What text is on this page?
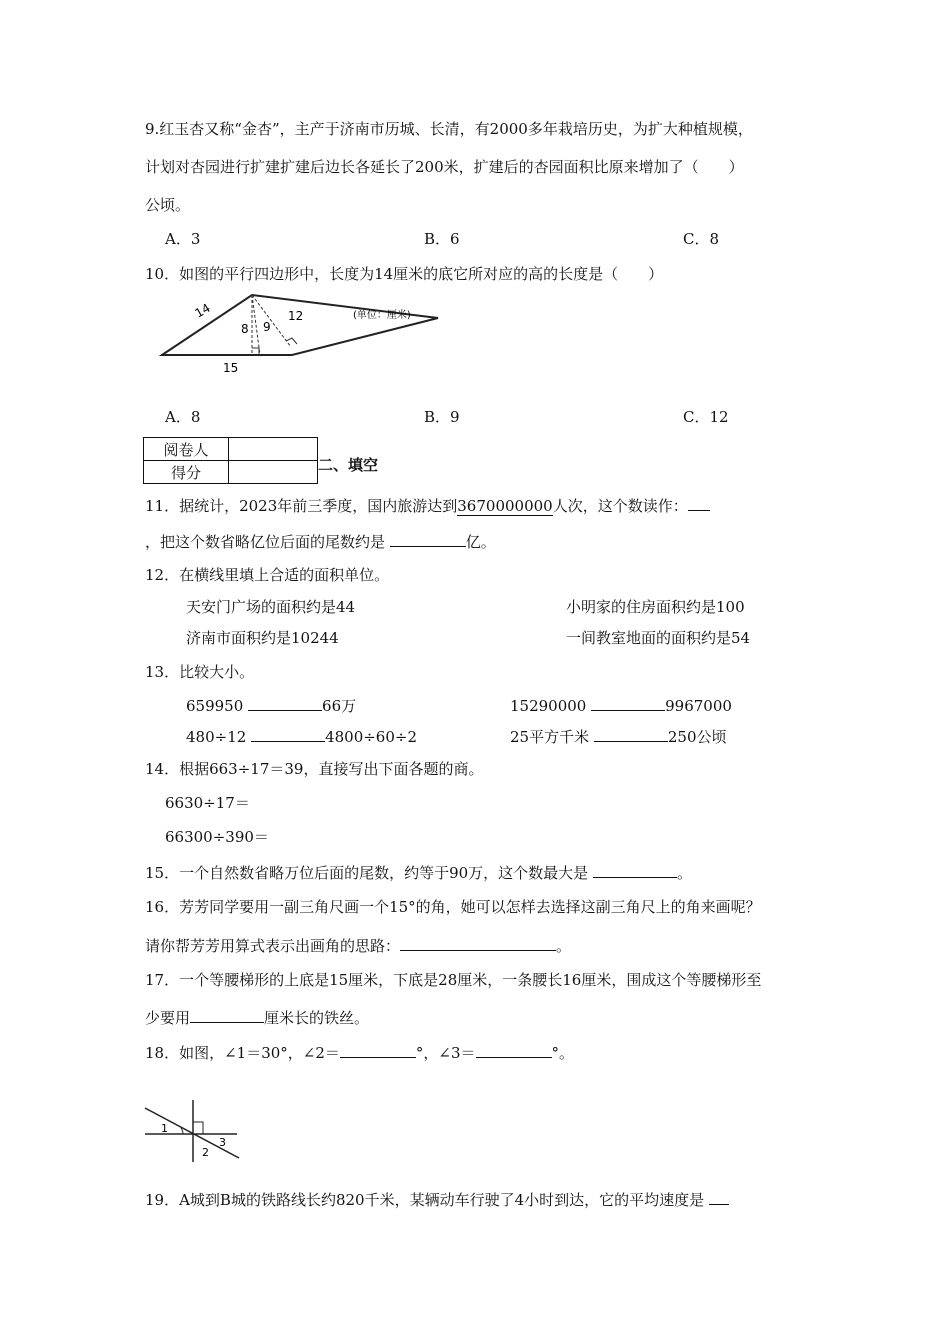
9.红玉杏又称“金杏”，主产于济南市历城、长清，有2000多年栽培历史，为扩大种植规模，
计划对杏园进行扩建扩建后边长各延长了200米，扩建后的杏园面积比原来增加了（　　）
公顷。
A．3	B．6	C．8
10．如图的平行四边形中，长度为14厘米的底它所对应的高的长度是（　　）
14
15
8 9
12	(单位：厘米)
A．8	B．9	C．12
阅卷人	
得分		二、填空
11．据统计，2023年前三季度，国内旅游达到3670000000人次，这个数读作：
，把这个数省略亿位后面的尾数约是	亿。
12．在横线里填上合适的面积单位。
天安门广场的面积约是44	小明家的住房面积约是100
济南市面积约是10244	一间教室地面的面积约是54
13．比较大小。
659950	66万	15290000	9967000
480÷12	4800÷60÷2	25平方千米	250公顷
14．根据663÷17＝39，直接写出下面各题的商。
6630÷17＝
66300÷390＝
15．一个自然数省略万位后面的尾数，约等于90万，这个数最大是	。
16．芳芳同学要用一副三角尺画一个15°的角，她可以怎样去选择这副三角尺上的角来画呢？
请你帮芳芳用算式表示出画角的思路：	。
17．一个等腰梯形的上底是15厘米，下底是28厘米，一条腰长16厘米，围成这个等腰梯形至
少要用	厘米长的铁丝。
18．如图，∠1＝30°，∠2＝	°，∠3＝	°。
1
2
3
19．A城到B城的铁路线长约820千米，某辆动车行驶了4小时到达，它的平均速度是
